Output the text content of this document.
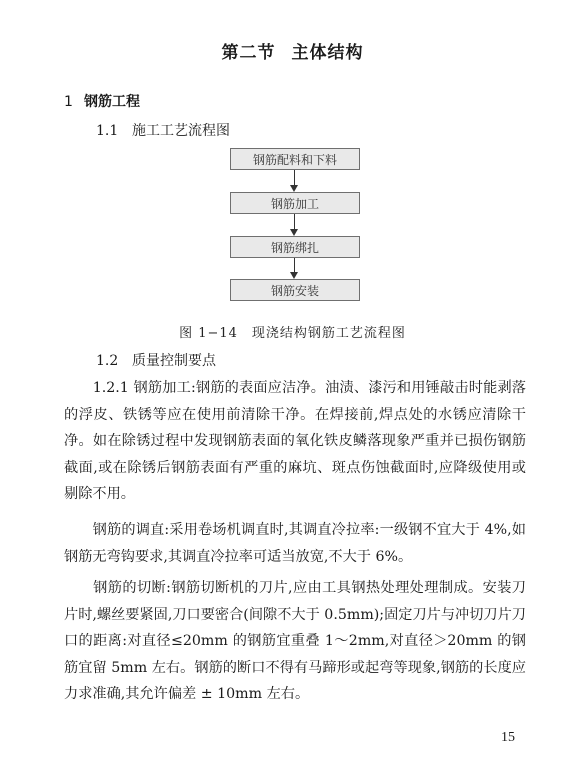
第二节 主体结构
1 钢筋工程
1.1 施工工艺流程图
钢筋配料和下料
钢筋加工
钢筋绑扎
钢筋安装
图 1−14　现浇结构钢筋工艺流程图
1.2 质量控制要点
　　1.2.1 钢筋加工:钢筋的表面应洁净。油渍、漆污和用锤敲击时能剥落的浮皮、铁锈等应在使用前清除干净。在焊接前,焊点处的水锈应清除干净。如在除锈过程中发现钢筋表面的氧化铁皮鳞落现象严重并已损伤钢筋截面,或在除锈后钢筋表面有严重的麻坑、斑点伤蚀截面时,应降级使用或剔除不用。
　　钢筋的调直:采用卷场机调直时,其调直冷拉率:一级钢不宜大于 4%,如钢筋无弯钩要求,其调直冷拉率可适当放宽,不大于 6%。
　　钢筋的切断:钢筋切断机的刀片,应由工具钢热处理处理制成。安装刀片时,螺丝要紧固,刀口要密合(间隙不大于 0.5mm);固定刀片与冲切刀片刀口的距离:对直径≤20mm 的钢筋宜重叠 1～2mm,对直径＞20mm 的钢筋宜留 5mm 左右。钢筋的断口不得有马蹄形或起弯等现象,钢筋的长度应力求准确,其允许偏差 ± 10mm 左右。
15
